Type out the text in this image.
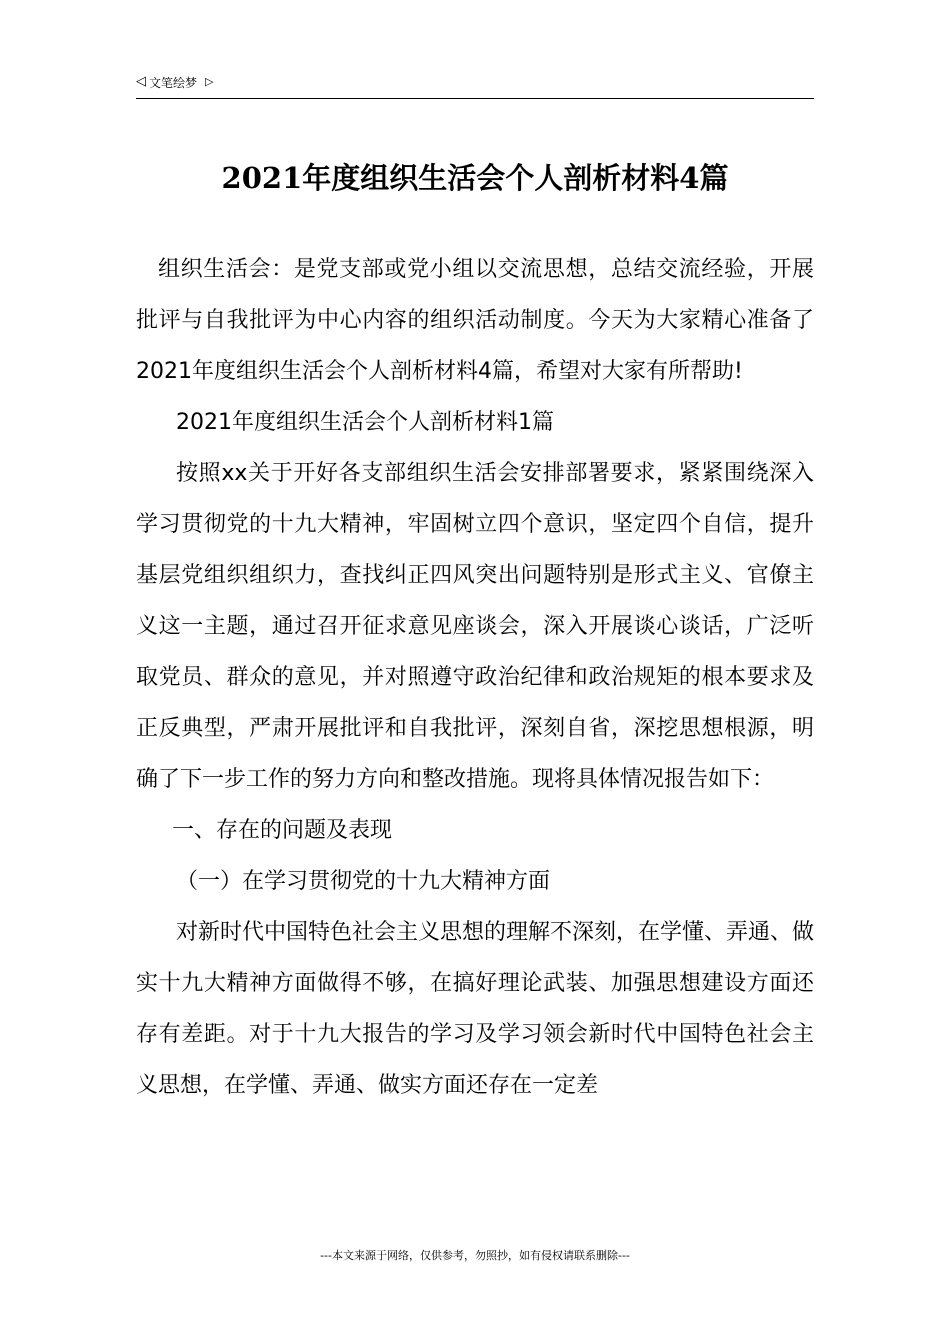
◁ 文笔绘梦 ▷
2021年度组织生活会个人剖析材料4篇

组织生活会：是党支部或党小组以交流思想，总结交流经验，开展批评与自我批评为中心内容的组织活动制度。今天为大家精心准备了2021年度组织生活会个人剖析材料4篇，希望对大家有所帮助!

2021年度组织生活会个人剖析材料1篇

按照xx关于开好各支部组织生活会安排部署要求，紧紧围绕深入学习贯彻党的十九大精神，牢固树立四个意识，坚定四个自信，提升基层党组织组织力，查找纠正四风突出问题特别是形式主义、官僚主义这一主题，通过召开征求意见座谈会，深入开展谈心谈话，广泛听取党员、群众的意见，并对照遵守政治纪律和政治规矩的根本要求及正反典型，严肃开展批评和自我批评，深刻自省，深挖思想根源，明确了下一步工作的努力方向和整改措施。现将具体情况报告如下：

一、存在的问题及表现

（一）在学习贯彻党的十九大精神方面

对新时代中国特色社会主义思想的理解不深刻，在学懂、弄通、做实十九大精神方面做得不够，在搞好理论武装、加强思想建设方面还存有差距。对于十九大报告的学习及学习领会新时代中国特色社会主义思想，在学懂、弄通、做实方面还存在一定差

---本文来源于网络，仅供参考，勿照抄，如有侵权请联系删除---
